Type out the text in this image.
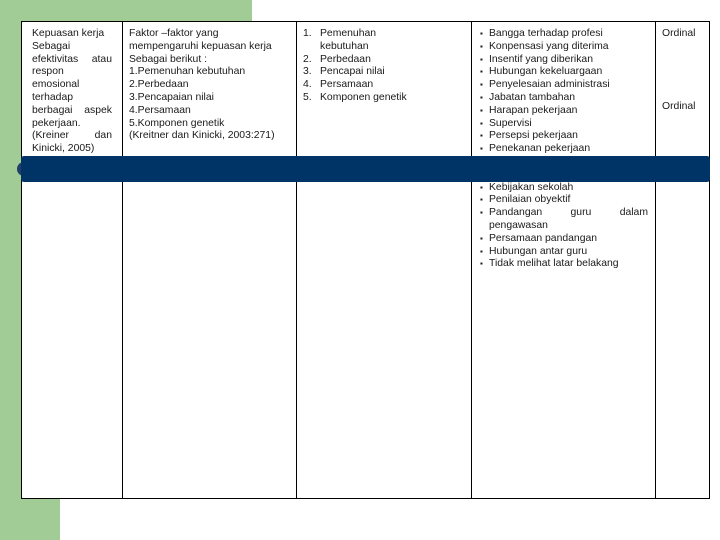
Kepuasan kerja
Sebagai
efektivitas atau
respon
emosional
terhadap
berbagai aspek
pekerjaan.
(Kreiner dan
Kinicki, 2005)
Faktor –faktor yang
mempengaruhi kepuasan kerja
Sebagai berikut :
1.Pemenuhan kebutuhan
2.Perbedaan
3.Pencapaian nilai
4.Persamaan
5.Komponen genetik
(Kreitner dan Kinicki, 2003:271)
1. Pemenuhan
kebutuhan
2. Perbedaan
3. Pencapai nilai
4. Persamaan
5. Komponen genetik
▪ Bangga terhadap profesi
▪ Konpensasi yang diterima
▪ Insentif yang diberikan
▪ Hubungan kekeluargaan
▪ Penyelesaian administrasi
▪ Jabatan tambahan
▪ Harapan pekerjaan
▪ Supervisi
▪ Persepsi pekerjaan
▪ Penekanan pekerjaan
▪ Kebijakan sekolah
▪ Penilaian obyektif
▪ Pandangan	guru	dalam
pengawasan
▪ Persamaan pandangan
▪ Hubungan antar guru
▪ Tidak melihat latar belakang
Ordinal
Ordinal
